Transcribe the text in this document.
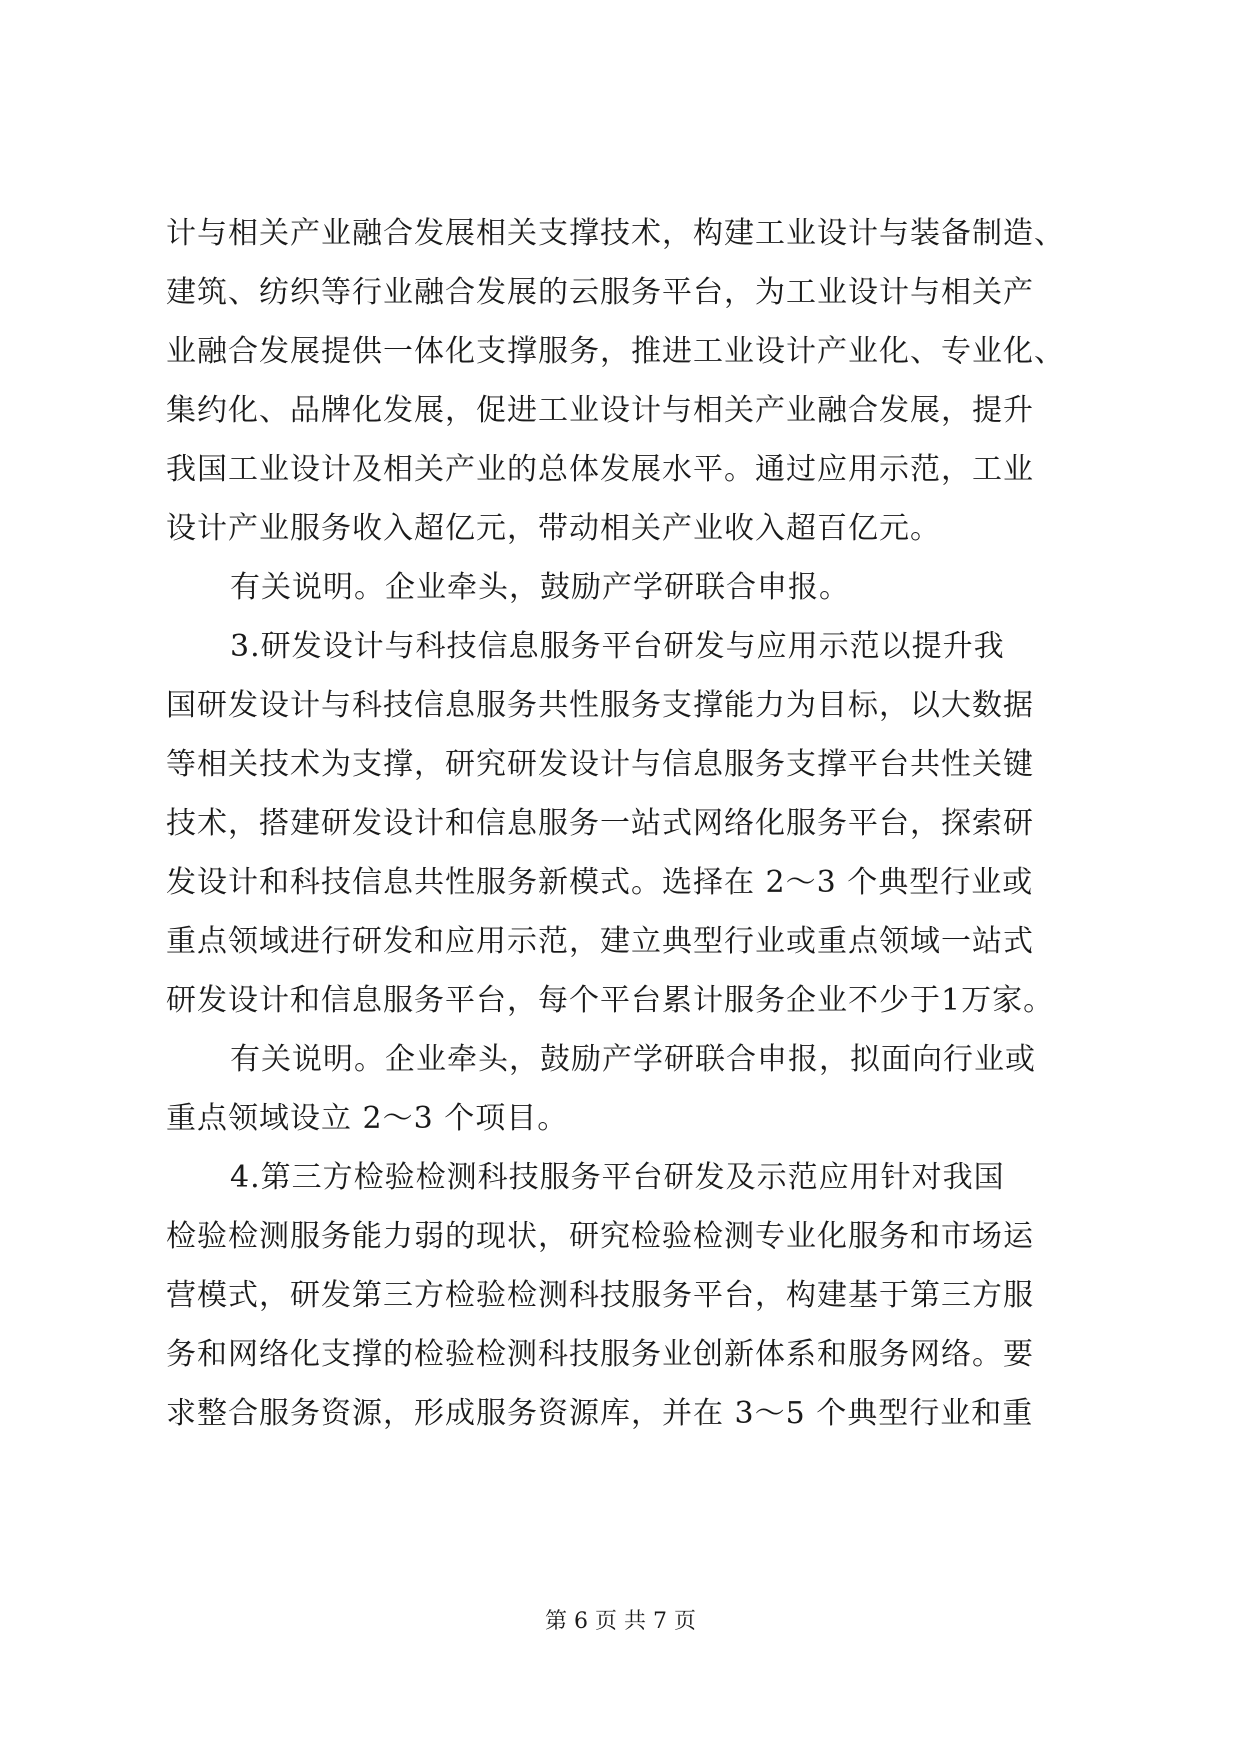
计与相关产业融合发展相关支撑技术，构建工业设计与装备制造、
建筑、纺织等行业融合发展的云服务平台，为工业设计与相关产
业融合发展提供一体化支撑服务，推进工业设计产业化、专业化、
集约化、品牌化发展，促进工业设计与相关产业融合发展，提升
我国工业设计及相关产业的总体发展水平。通过应用示范，工业
设计产业服务收入超亿元，带动相关产业收入超百亿元。
有关说明。企业牵头，鼓励产学研联合申报。
3.研发设计与科技信息服务平台研发与应用示范以提升我
国研发设计与科技信息服务共性服务支撑能力为目标，以大数据
等相关技术为支撑，研究研发设计与信息服务支撑平台共性关键
技术，搭建研发设计和信息服务一站式网络化服务平台，探索研
发设计和科技信息共性服务新模式。选择在 2～3 个典型行业或
重点领域进行研发和应用示范，建立典型行业或重点领域一站式
研发设计和信息服务平台，每个平台累计服务企业不少于1万家。
有关说明。企业牵头，鼓励产学研联合申报，拟面向行业或
重点领域设立 2～3 个项目。
4.第三方检验检测科技服务平台研发及示范应用针对我国
检验检测服务能力弱的现状，研究检验检测专业化服务和市场运
营模式，研发第三方检验检测科技服务平台，构建基于第三方服
务和网络化支撑的检验检测科技服务业创新体系和服务网络。要
求整合服务资源，形成服务资源库，并在 3～5 个典型行业和重
第 6 页 共 7 页
